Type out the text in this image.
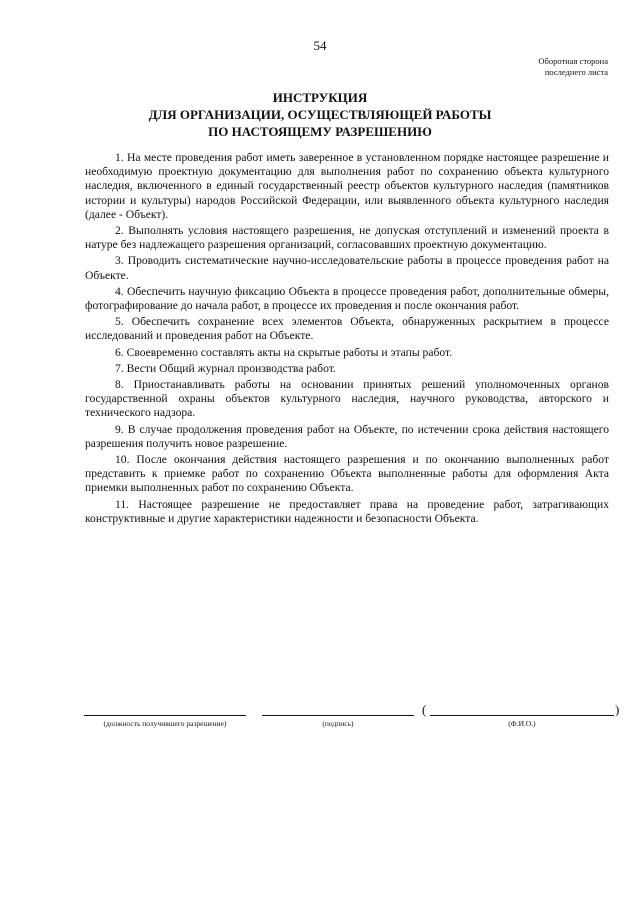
54
Оборотная сторона
последнего листа
ИНСТРУКЦИЯ
ДЛЯ ОРГАНИЗАЦИИ, ОСУЩЕСТВЛЯЮЩЕЙ РАБОТЫ
ПО НАСТОЯЩЕМУ РАЗРЕШЕНИЮ

1. На месте проведения работ иметь заверенное в установленном порядке настоящее разрешение и необходимую проектную документацию для выполнения работ по сохранению объекта культурного наследия, включенного в единый государственный реестр объектов культурного наследия (памятников истории и культуры) народов Российской Федерации, или выявленного объекта культурного наследия (далее - Объект).

2. Выполнять условия настоящего разрешения, не допуская отступлений и изменений проекта в натуре без надлежащего разрешения организаций, согласовавших проектную документацию.

3. Проводить систематические научно-исследовательские работы в процессе проведения работ на Объекте.

4. Обеспечить научную фиксацию Объекта в процессе проведения работ, дополнительные обмеры, фотографирование до начала работ, в процессе их проведения и после окончания работ.

5. Обеспечить сохранение всех элементов Объекта, обнаруженных раскрытием в процессе исследований и проведения работ на Объекте.

6. Своевременно составлять акты на скрытые работы и этапы работ.

7. Вести Общий журнал производства работ.

8. Приостанавливать работы на основании принятых решений уполномоченных органов государственной охраны объектов культурного наследия, научного руководства, авторского и технического надзора.

9. В случае продолжения проведения работ на Объекте, по истечении срока действия настоящего разрешения получить новое разрешение.

10. После окончания действия настоящего разрешения и по окончанию выполненных работ представить к приемке работ по сохранению Объекта выполненные работы для оформления Акта приемки выполненных работ по сохранению Объекта.

11. Настоящее разрешение не предоставляет права на проведение работ, затрагивающих конструктивные и другие характеристики надежности и безопасности Объекта.

(должность получившего разрешение)	(подпись)
(
(Ф.И.О.)
)
